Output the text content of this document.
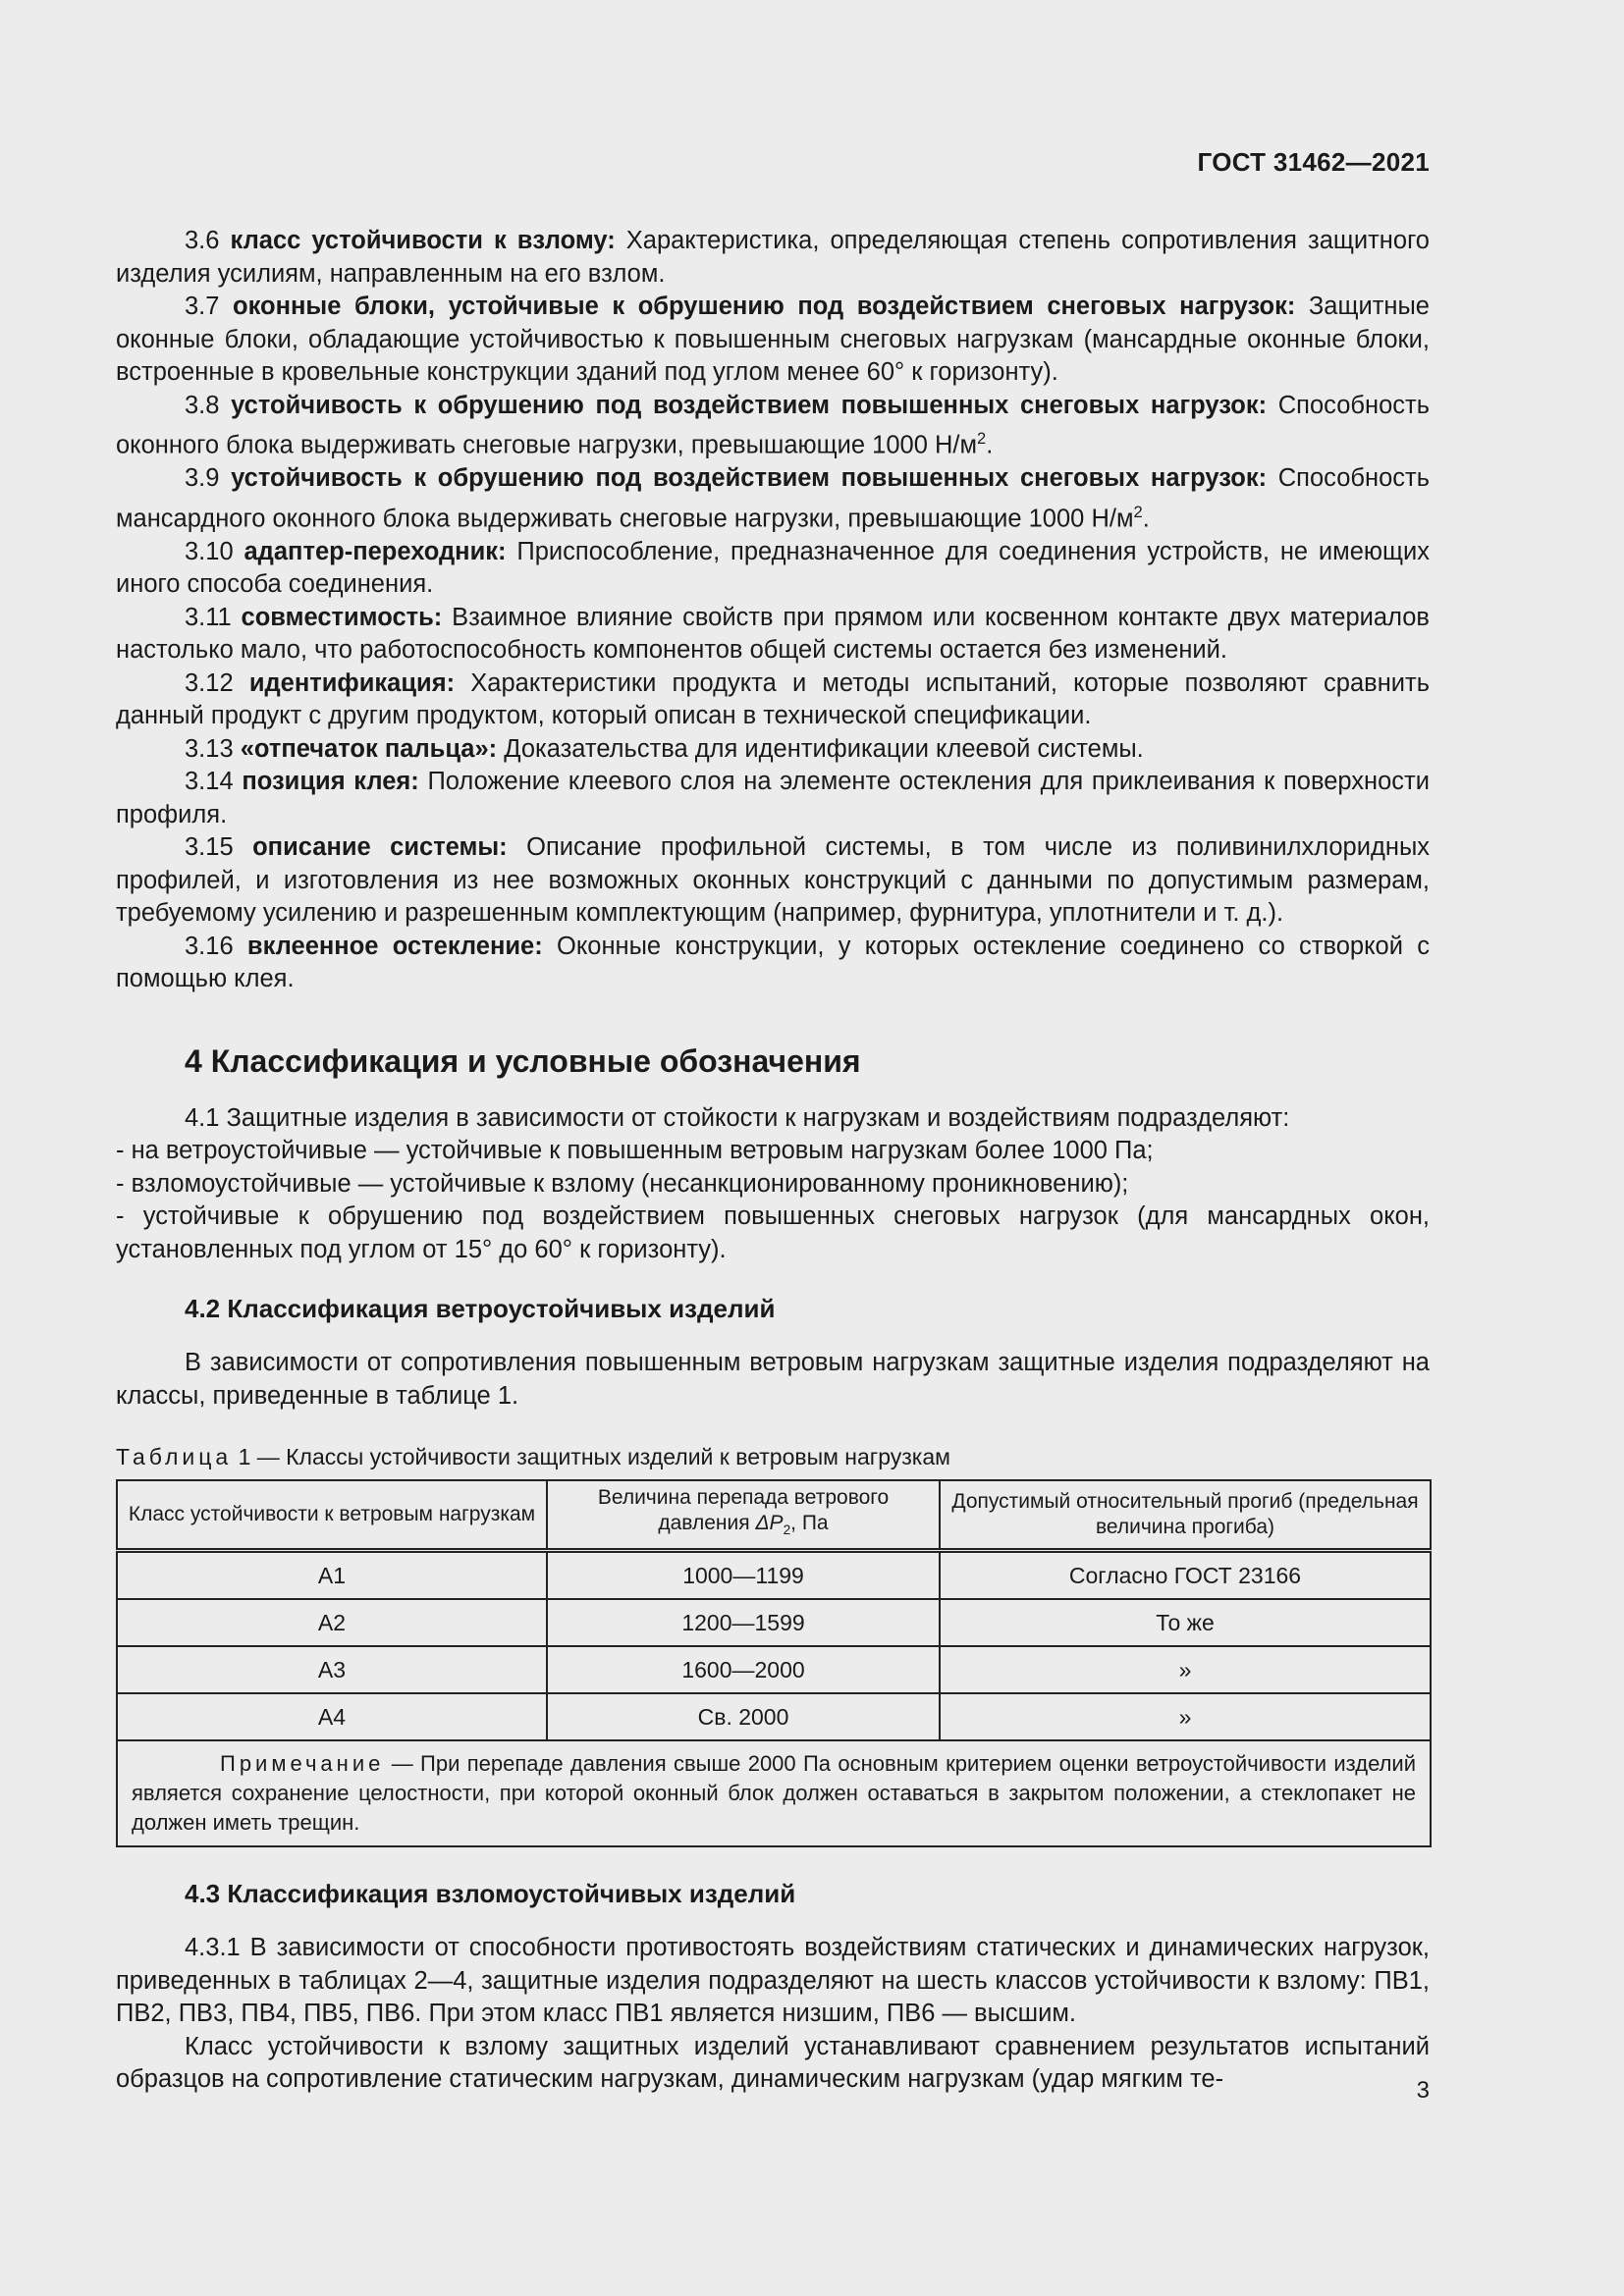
ГОСТ 31462—2021

3.6 класс устойчивости к взлому: Характеристика, определяющая степень сопротивления защитного изделия усилиям, направленным на его взлом.

3.7 оконные блоки, устойчивые к обрушению под воздействием снеговых нагрузок: Защитные оконные блоки, обладающие устойчивостью к повышенным снеговых нагрузкам (мансардные оконные блоки, встроенные в кровельные конструкции зданий под углом менее 60° к горизонту).

3.8 устойчивость к обрушению под воздействием повышенных снеговых нагрузок: Способность оконного блока выдерживать снеговые нагрузки, превышающие 1000 $Н/м^2$.

3.9 устойчивость к обрушению под воздействием повышенных снеговых нагрузок: Способность мансардного оконного блока выдерживать снеговые нагрузки, превышающие 1000 $Н/м^2$.

3.10 адаптер-переходник: Приспособление, предназначенное для соединения устройств, не имеющих иного способа соединения.

3.11 совместимость: Взаимное влияние свойств при прямом или косвенном контакте двух материалов настолько мало, что работоспособность компонентов общей системы остается без изменений.

3.12 идентификация: Характеристики продукта и методы испытаний, которые позволяют сравнить данный продукт с другим продуктом, который описан в технической спецификации.

3.13 «отпечаток пальца»: Доказательства для идентификации клеевой системы.

3.14 позиция клея: Положение клеевого слоя на элементе остекления для приклеивания к поверхности профиля.

3.15 описание системы: Описание профильной системы, в том числе из поливинилхлоридных профилей, и изготовления из нее возможных оконных конструкций с данными по допустимым размерам, требуемому усилению и разрешенным комплектующим (например, фурнитура, уплотнители и т. д.).

3.16 вклеенное остекление: Оконные конструкции, у которых остекление соединено со створкой с помощью клея.

4 Классификация и условные обозначения

4.1 Защитные изделия в зависимости от стойкости к нагрузкам и воздействиям подразделяют:

- на ветроустойчивые — устойчивые к повышенным ветровым нагрузкам более 1000 Па;

- взломоустойчивые — устойчивые к взлому (несанкционированному проникновению);

- устойчивые к обрушению под воздействием повышенных снеговых нагрузок (для мансардных окон, установленных под углом от 15° до 60° к горизонту).

4.2 Классификация ветроустойчивых изделий

В зависимости от сопротивления повышенным ветровым нагрузкам защитные изделия подразделяют на классы, приведенные в таблице 1.

Таблица 1 — Классы устойчивости защитных изделий к ветровым нагрузкам
Класс устойчивости к ветровым нагрузкам	Величина перепада ветрового давления $\Delta P_2$, Па	Допустимый относительный прогиб (предельная величина прогиба)
А1	1000—1199	Согласно ГОСТ 23166
А2	1200—1599	То же
А3	1600—2000	»
А4	Св. 2000	»
Примечание — При перепаде давления свыше 2000 Па основным критерием оценки ветроустойчивости изделий является сохранение целостности, при которой оконный блок должен оставаться в закрытом положении, а стеклопакет не должен иметь трещин.		
4.3 Классификация взломоустойчивых изделий

4.3.1 В зависимости от способности противостоять воздействиям статических и динамических нагрузок, приведенных в таблицах 2—4, защитные изделия подразделяют на шесть классов устойчивости к взлому: ПВ1, ПВ2, ПВ3, ПВ4, ПВ5, ПВ6. При этом класс ПВ1 является низшим, ПВ6 — высшим.

Класс устойчивости к взлому защитных изделий устанавливают сравнением результатов испытаний образцов на сопротивление статическим нагрузкам, динамическим нагрузкам (удар мягким те-	3
